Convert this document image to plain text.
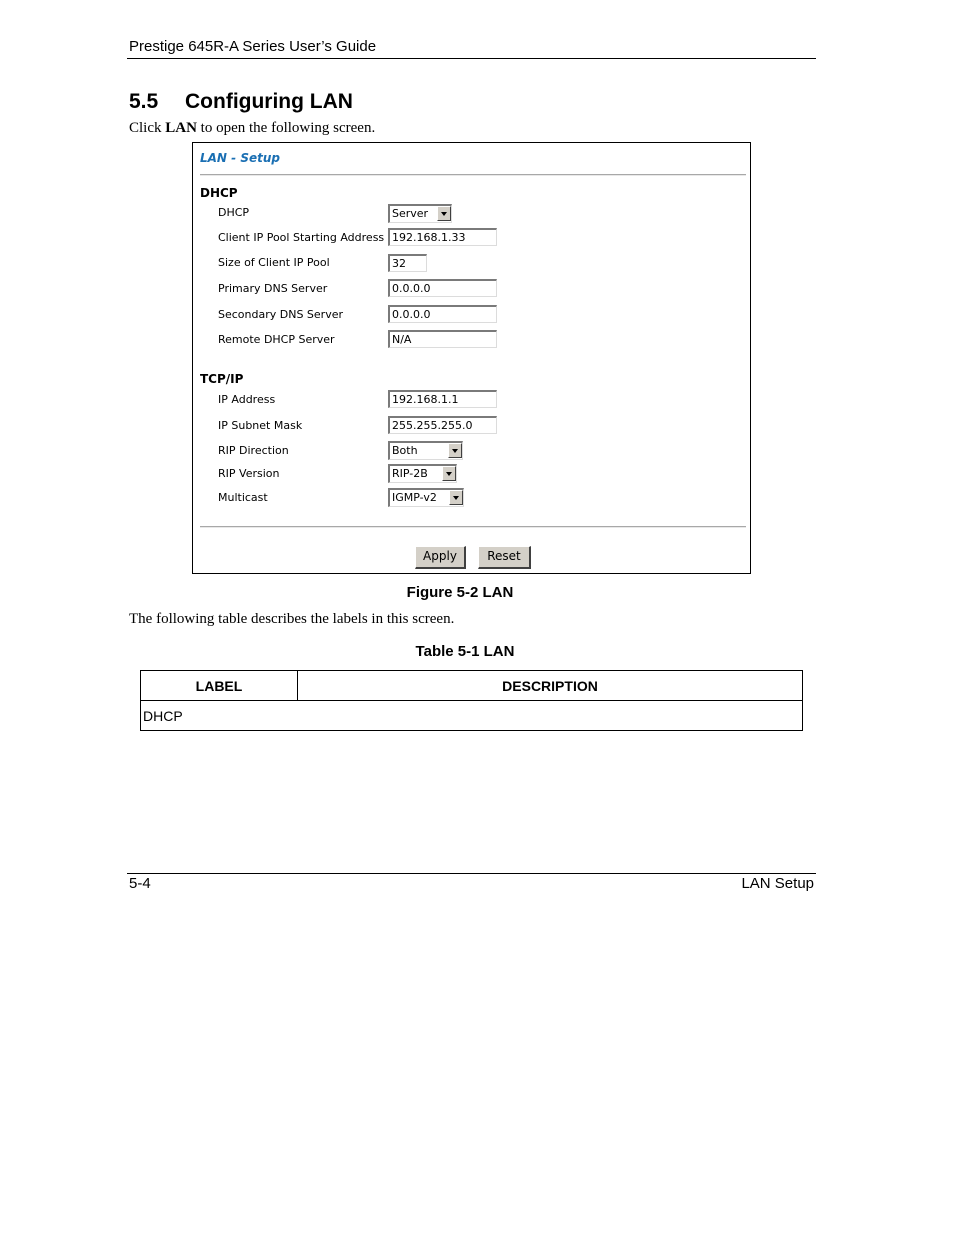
Prestige 645R-A Series User’s Guide
5.5 Configuring LAN
Click LAN to open the following screen.
LAN - Setup
DHCP
DHCP	Server
Client IP Pool Starting Address 192.168.1.33
Size of Client IP Pool	32
Primary DNS Server	0.0.0.0
Secondary DNS Server	0.0.0.0
Remote DHCP Server	N/A
TCP/IP
IP Address	192.168.1.1
IP Subnet Mask	255.255.255.0
RIP Direction	Both
RIP Version	RIP-2B
Multicast	IGMP-v2
Apply	Reset
Figure 5-2 LAN
The following table describes the labels in this screen.
Table 5-1 LAN
LABEL	DESCRIPTION
DHCP
5-4	LAN Setup
